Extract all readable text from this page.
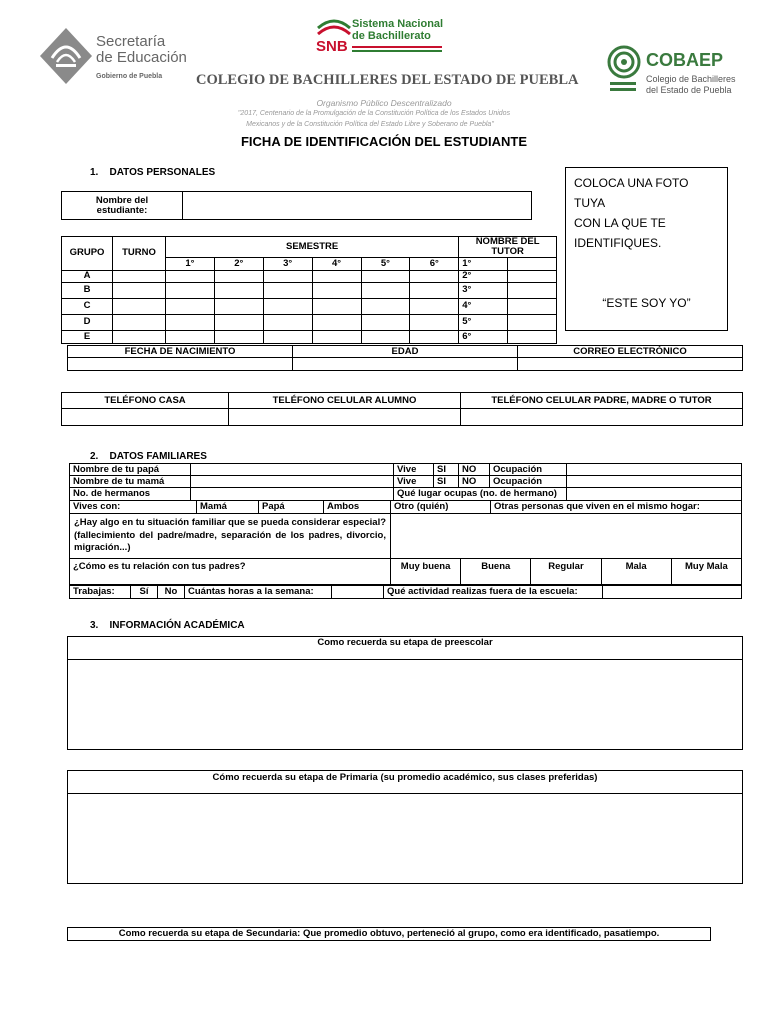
Secretaría
de Educación
Gobierno de Puebla
Sistema Nacional
de Bachillerato
SNB
COBAEP
Colegio de Bachilleres
del Estado de Puebla
COLEGIO DE BACHILLERES DEL ESTADO DE PUEBLA
Organismo Público Descentralizado
"2017, Centenario de la Promulgación de la Constitución Política de los Estados Unidos
Mexicanos y de la Constitución Política del Estado Libre y Soberano de Puebla"
FICHA DE IDENTIFICACIÓN DEL ESTUDIANTE
1. DATOS PERSONALES
COLOCA UNA FOTO TUYA
CON LA QUE TE
IDENTIFIQUES.
“ESTE SOY YO”
Nombre del
estudiante:	
GRUPO	TURNO	SEMESTRE						NOMBRE DEL TUTOR	
		1°	2°	3°	4°	5°	6°	1°	
A								2°	
B								3°	
C								4°	
D								5°	
E								6°	
FECHA DE NACIMIENTO	EDAD	CORREO ELECTRÓNICO

TELÉFONO CASA	TELÉFONO CELULAR ALUMNO	TELÉFONO CELULAR PADRE, MADRE O TUTOR

2. DATOS FAMILIARES
Nombre de tu papá		Vive	SI	NO	Ocupación	
Nombre de tu mamá		Vive	SI	NO	Ocupación	
No. de hermanos		Qué lugar ocupas (no. de hermano)				
Vives con:	Mamá	Papá	Ambos	Otro (quién)	Otras personas que viven en el mismo hogar:
¿Hay algo en tu situación familiar que se pueda considerar especial? (fallecimiento del padre/madre, separación de los padres, divorcio, migración...)					
¿Cómo es tu relación con tus padres?	Muy buena	Buena	Regular	Mala	Muy Mala
Trabajas:	Sí	No	Cuántas horas a la semana:		Qué actividad realizas fuera de la escuela:	
3. INFORMACIÓN ACADÉMICA
Como recuerda su etapa de preescolar
Cómo recuerda su etapa de Primaria (su promedio académico, sus clases preferidas)
Como recuerda su etapa de Secundaria: Que promedio obtuvo, perteneció al grupo, como era identificado, pasatiempo.
